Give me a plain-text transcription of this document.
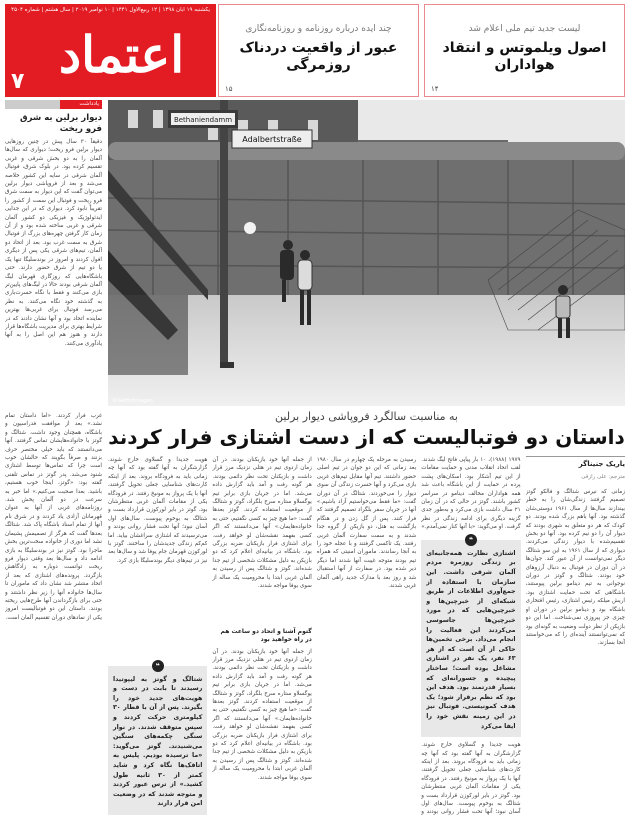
یکشنبه ۱۹ آبان ۱۳۹۸ | ۱۲ ربیع‌الاول ۱۴۴۱ | ۱۰ نوامبر ۲۰۱۹ | سال هشتم | شماره ۴۵۰۴
اعتماد
۷
چند ایده درباره روزنامه و روزنامه‌نگاری
عبور از واقعیت دردناک روزمرگی
۱۵
لیست جدید تیم ملی اعلام شد
اصول ویلموتس و انتقاد هواداران
۱۴
یادداشت
دیوار برلین به شرق فرو ریخت
دقیقاً ۳۰ سال پیش در چنین روزهایی دیوار برلین فرو ریخت؛ دیواری که سال‌ها آلمان را به دو بخش شرقی و غربی تقسیم کرده بود. در بلوک شرق، فوتبال آلمان شرقی در سایه این کشور خلاصه می‌شد و بعد از فروپاشی دیوار برلین می‌توان گفت که این دیوار به سمت شرق فرو ریخت و فوتبال این سمت از کشور را تقریباً نابود کرد. دیواری که در این جدایی ایدئولوژیک و فیزیکی دو کشور آلمان شرقی و غربی ساخته شده بود و از آن زمان کار گرفتن چهره‌های بزرگ از فوتبال شرق به سمت غرب بود. بعد از اتحاد دو آلمان، تیم‌های شرقی یکی پس از دیگری افول کردند و امروز در بوندسلیگا تنها یک یا دو تیم از شرق حضور دارند. حتی باشگاه‌هایی که روزگاری قهرمان لیگ آلمان شرقی بودند حالا در لیگ‌های پایین‌تر بازی می‌کنند و فقط با نگاه حسرت‌باری به گذشته خود نگاه می‌کنند. به نظر می‌رسد فوتبال برای غربی‌ها بهترین نماینده اتحاد بود و آنها نشان دادند که در شرایط بهتری برای مدیریت باشگاه‌ها قرار دارند و هنوز هم این اصل را به آنها یادآوری می‌کنند.
غرب فرار کردند. «اما داستان تمام نشد.» بعد از موافقت فدراسیون و باشگاه، همچنان وجود داشت. شتالگ و گوتز با خانواده‌هایشان تماس گرفتند. آنها می‌دانستند که باید خیلی مختصر حرف بزنند و صرفاً بگویند که حالشان خوب است چرا که تماس‌ها توسط اشتازی شنود می‌شد. پدر گوتز در تماس تلفنی گفته بود: «گوتز، اینجا خوب هستیم، باشید. بعدا صحبت می‌کنیم.» اما خبر به سرعت در دو آلمان پخش شد. روزنامه‌های غربی از آنها به عنوان قهرمانان آزادی یاد کردند و در شرق نام آنها از تمام اسناد باشگاه پاک شد. شتالگ بعدها گفت که هرگز از تصمیمش پشیمان نشد اما دوری از خانواده سخت‌ترین بخش ماجرا بود. گوتز نیز در بوندسلیگا به بازی ادامه داد و سال‌ها بعد وقتی دیوار فرو ریخت توانست دوباره به زادگاهش بازگردد. پرونده‌های اشتازی که بعد از اتحاد منتشر شد نشان داد که ماموران تا سال‌ها خانواده آنها را زیر نظر داشتند و حتی برای بازگرداندن آنها طرح‌هایی ریخته بودند. داستان این دو فوتبالیست امروز یکی از نمادهای دوران تقسیم آلمان است.
Bethaniendamm
Adalbertstraße
©GettyImages
به مناسبت سالگرد فروپاشی دیوار برلین
داستان دو فوتبالیست که از دست اشتازی فرار کردند
یاریک جنیناگر
مترجم: علی رازقی
زمانی که نیرس شتالگ و فالکو گوتز تصمیم گرفتند زندگی‌شان را به خطر بیندازند سال‌ها از سال ۱۹۶۱ دوستی‌شان گذشته بود. آنها باهم بزرگ شده بودند. دو کودک که هر دو متعلق به شهری بودند که دیوار آن را دو نیم کرده بود. آنها دو بخش تقسیم‌شده با دیوار زندگی می‌کردند. دیواری که از سال ۱۹۶۱ به این سو شتالگ دیگر نمی‌توانست از آن عبور کند. جوان‌ها در آن دوران در فوتبال به دنبال آرزوهای خود بودند. شتالگ و گوتز در دوران نوجوانی به تیم دینامو برلین پیوستند، باشگاهی که تحت حمایت اشتازی بود. اریش میلکه رئیس اشتازی، رئیس افتخاری باشگاه بود و دینامو برلین در دوران او چیزی جز پیروزی نمی‌شناخت. اما این دو بازیکن از نظر دولت وضعیت به گونه‌ای بود که نمی‌توانستند آینده‌ای را که می‌خواستند آنجا بسازند.
۱۹۷۹ (۱۹۸۸)، ۱۰ بار پیاپی فاتح لیگ شدند. لقب اتحاد انقلاب مدنی و حمایت مقامات از این تیم آشکار بود. اسکان‌های پشت پرده در حمایت از این باشگاه باعث شد همه هواداران مخالف دینامو در سراسر کشور باشند. گوتز در حالی که در آن زمان ۲۱ سال داشت بازی می‌کرد و به‌طور جدی گزینه دیگری برای ادامه زندگی در نظر گرفت. او می‌گوید: «با آنها کنار نمی‌آمدم.»
❝
اشتازی نظارت همه‌جانبه‌ای بر زندگی روزمره مردم آلمان شرقی داشت. این سازمان با استفاده از جمع‌آوری اطلاعات از طریق شبکه‌ای از خبرچین‌ها و خبرچین‌هایی که در مورد خبرچین‌ها جاسوسی می‌کردند این فعالیت را انجام می‌داد. برخی تخمین‌ها حاکی از آن است که از هر ۶۳ نفر، یک نفر در اشتازی مشاغل بوده است؛ ساختار پیچیده و جسورانه‌ای که بسیار قدرتمند بود. هدف این بود که نظم برقرار شود؛ یک هدف کمونیستی. فوتبال نیز در این زمینه نقش خود را ایفا می‌کرد
هویت جدیدا و گسلاوی خارج شوند. گزارشگران به آنها گفته بود که آنها چه زمانی باید به فرودگاه بروند. بعد از اینکه کارت‌های شناسایی جعلی تحویل گرفتند، آنها با یک پرواز به مونیخ رفتند. در فرودگاه یکی از مقامات آلمان غربی منتظرشان بود. گوتز در بایر لورکوزن قرارداد بست و شتالگ به بوخوم پیوست. سال‌های اول آسان نبود؛ آنها تحت فشار روانی بودند و
رسیدن به مرحله یک چهارم در سال ۱۹۸۰ بعد زمانی که این دو جوان در تیم اصلی حضور داشتند. تیم آنها مقابل تیم‌های غربی بازی می‌کرد و آنها حسرت زندگی آن سوی دیوار را می‌خوردند. شتالگ در آن دوران گفت: «ما فقط می‌خواستیم آزاد باشیم.» آنها در جریان سفر بلگراد تصمیم گرفتند که فرار کنند. پس از گل زدن و در هنگام بازگشت به هتل، دو بازیکن از گروه جدا شدند و به سمت سفارت آلمان غربی رفتند. یک تاکسی گرفتند و با عجله خود را به آنجا رساندند. ماموران امنیتی که همراه تیم بودند متوجه غیبت آنها شدند اما دیگر دیر شده بود. در سفارت از آنها استقبال شد و روز بعد با مدارک جدید راهی آلمان غربی شدند.
از جمله آنها خود بازیکنان بودند. در آن زمان اردوی تیم در هتلی نزدیک مرز قرار داشت و بازیکنان تحت نظر دائمی بودند. هر گونه رفت و آمد باید گزارش داده می‌شد. اما در جریان بازی برابر تیم یوگسلاو ستاره سرخ بلگراد، گوتز و شتالگ از موقعیت استفاده کردند. گوتز بعدها گفت: «ما هیچ چیز به کسی نگفتیم، حتی به خانواده‌هایمان.» آنها می‌دانستند که اگر کسی بفهمد نقشه‌شان لو خواهد رفت. برای اشتازی فرار بازیکنان ضربه بزرگی بود. باشگاه در بیانیه‌ای اعلام کرد که دو بازیکن به دلیل مشکلات شخصی از تیم جدا شده‌اند. گوتز و شتالگ پس از رسیدن به آلمان غربی ابتدا با محرومیت یک ساله از سوی یوفا مواجه شدند.
گتوم آشنا و اتحاد دو ساعت هم در راه خواهید بود
از جمله آنها خود بازیکنان بودند. در آن زمان اردوی تیم در هتلی نزدیک مرز قرار داشت و بازیکنان تحت نظر دائمی بودند. هر گونه رفت و آمد باید گزارش داده می‌شد. اما در جریان بازی برابر تیم یوگسلاو ستاره سرخ بلگراد، گوتز و شتالگ از موقعیت استفاده کردند. گوتز بعدها گفت: «ما هیچ چیز به کسی نگفتیم، حتی به خانواده‌هایمان.» آنها می‌دانستند که اگر کسی بفهمد نقشه‌شان لو خواهد رفت. برای اشتازی فرار بازیکنان ضربه بزرگی بود. باشگاه در بیانیه‌ای اعلام کرد که دو بازیکن به دلیل مشکلات شخصی از تیم جدا شده‌اند. گوتز و شتالگ پس از رسیدن به آلمان غربی ابتدا با محرومیت یک ساله از سوی یوفا مواجه شدند.
هویت جدیدا و گسلاوی خارج شوند. گزارشگران به آنها گفته بود که آنها چه زمانی باید به فرودگاه بروند. بعد از اینکه کارت‌های شناسایی جعلی تحویل گرفتند، آنها با یک پرواز به مونیخ رفتند. در فرودگاه یکی از مقامات آلمان غربی منتظرشان بود. گوتز در بایر لورکوزن قرارداد بست و شتالگ به بوخوم پیوست. سال‌های اول آسان نبود؛ آنها تحت فشار روانی بودند و می‌ترسیدند که اشتازی سراغشان بیاید. اما کم‌کم زندگی جدیدشان را ساختند. گوتز با لورکوزن قهرمان جام یوفا شد و سال‌ها بعد نیز در تیم‌های دیگر بوندسلیگا بازی کرد.
❝
شتالگ و گوتز به لیپوتیدا رسیدند تا بابت در دست و هویت‌های جدید خود را بگیرند. پس از آن با قطار ۳۰ کیلومتری حرکت کردند و سپس متوقف شدند. در نوار سنگی چکمه‌های سنگین می‌شنیدند. گوتز می‌گوید: «ما ترسیده بودیم. پلیس به اتاقک‌ها نگاه کرد و شاید کمتر از ۳۰ ثانیه طول کشید.» از ترس عبور کردند و متوجه شدند که در وضعیت امن قرار دارند
